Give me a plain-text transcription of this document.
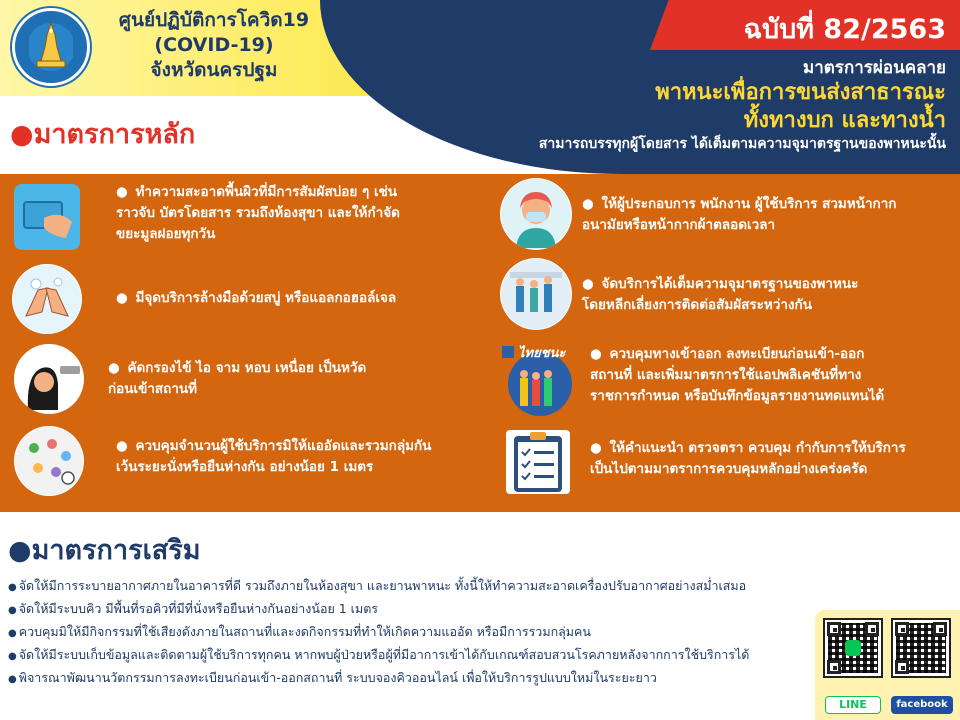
ศูนย์ปฏิบัติการโควิด19
(COVID-19)
จังหวัดนครปฐม
ฉบับที่ 82/2563
มาตรการผ่อนคลาย
พาหนะเพื่อการขนส่งสาธารณะ
ทั้งทางบก และทางน้ำ
สามารถบรรทุกผู้โดยสาร ได้เต็มตามความจุมาตรฐานของพาหนะนั้น
●มาตรการหลัก
● ทำความสะอาดพื้นผิวที่มีการสัมผัสบ่อย ๆ เช่น
ราวจับ บัตรโดยสาร รวมถึงห้องสุขา และให้กำจัด
ขยะมูลฝอยทุกวัน
● มีจุดบริการล้างมือด้วยสบู่ หรือแอลกอฮอล์เจล
● คัดกรองไข้ ไอ จาม หอบ เหนื่อย เป็นหวัด
ก่อนเข้าสถานที่
● ควบคุมจำนวนผู้ใช้บริการมิให้แออัดและรวมกลุ่มกัน
เว้นระยะนั่งหรือยืนห่างกัน อย่างน้อย 1 เมตร
● ให้ผู้ประกอบการ พนักงาน ผู้ใช้บริการ สวมหน้ากาก
อนามัยหรือหน้ากากผ้าตลอดเวลา
● จัดบริการได้เต็มความจุมาตรฐานของพาหนะ
โดยหลีกเลี่ยงการติดต่อสัมผัสระหว่างกัน
ไทยชนะ
●	ควบคุมทางเข้าออก ลงทะเบียนก่อนเข้า-ออก
สถานที่ และเพิ่มมาตรการใช้แอปพลิเคชันที่ทาง
ราชการกำหนด หรือบันทึกข้อมูลรายงานทดแทนได้
● ให้คำแนะนำ ตรวจตรา ควบคุม กำกับการให้บริการ
เป็นไปตามมาตราการควบคุมหลักอย่างเคร่งครัด
●มาตรการเสริม
● จัดให้มีการระบายอากาศภายในอาคารที่ดี รวมถึงภายในห้องสุขา และยานพาหนะ ทั้งนี้ให้ทำความสะอาดเครื่องปรับอากาศอย่างสม่ำเสมอ
● จัดให้มีระบบคิว มีพื้นที่รอคิวที่มีที่นั่งหรือยืนห่างกันอย่างน้อย 1 เมตร
● ควบคุมมิให้มีกิจกรรมที่ใช้เสียงดังภายในสถานที่และงดกิจกรรมที่ทำให้เกิดความแออัด หรือมีการรวมกลุ่มคน
● จัดให้มีระบบเก็บข้อมูลและติดตามผู้ใช้บริการทุกคน หากพบผู้ป่วยหรือผู้ที่มีอาการเข้าได้กับเกณฑ์สอบสวนโรคภายหลังจากการใช้บริการได้
● พิจารณาพัฒนานวัตกรรมการลงทะเบียนก่อนเข้า-ออกสถานที่ ระบบจองคิวออนไลน์ เพื่อให้บริการรูปแบบใหม่ในระยะยาว
LINE	facebook
